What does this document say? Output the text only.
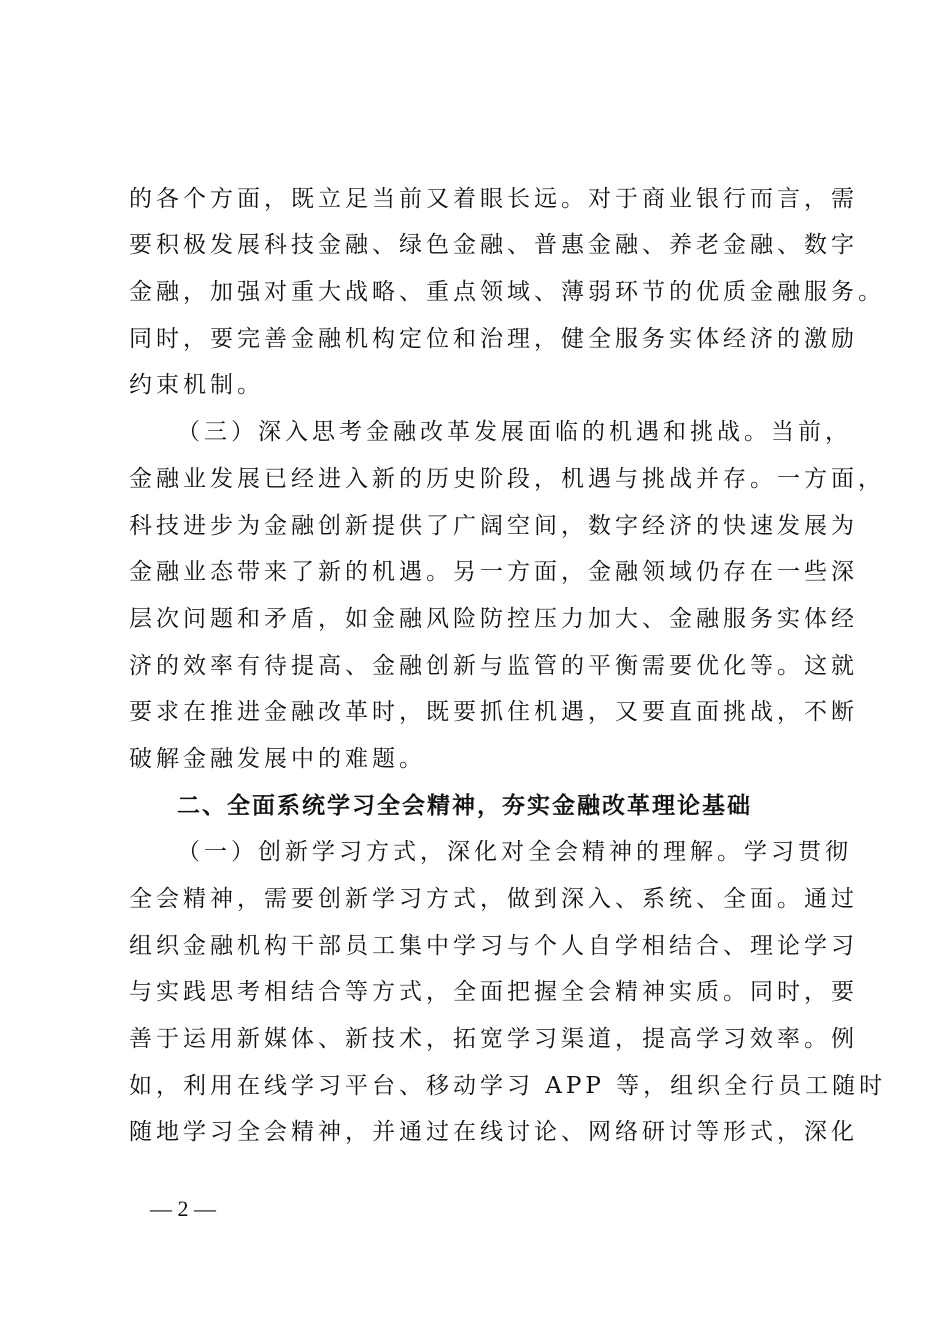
的各个方面，既立足当前又着眼长远。对于商业银行而言，需
要积极发展科技金融、绿色金融、普惠金融、养老金融、数字
金融，加强对重大战略、重点领域、薄弱环节的优质金融服务。
同时，要完善金融机构定位和治理，健全服务实体经济的激励
约束机制。
（三）深入思考金融改革发展面临的机遇和挑战。当前，
金融业发展已经进入新的历史阶段，机遇与挑战并存。一方面，
科技进步为金融创新提供了广阔空间，数字经济的快速发展为
金融业态带来了新的机遇。另一方面，金融领域仍存在一些深
层次问题和矛盾，如金融风险防控压力加大、金融服务实体经
济的效率有待提高、金融创新与监管的平衡需要优化等。这就
要求在推进金融改革时，既要抓住机遇，又要直面挑战，不断
破解金融发展中的难题。
二、全面系统学习全会精神，夯实金融改革理论基础
（一）创新学习方式，深化对全会精神的理解。学习贯彻
全会精神，需要创新学习方式，做到深入、系统、全面。通过
组织金融机构干部员工集中学习与个人自学相结合、理论学习
与实践思考相结合等方式，全面把握全会精神实质。同时，要
善于运用新媒体、新技术，拓宽学习渠道，提高学习效率。例
如，利用在线学习平台、移动学习 APP 等，组织全行员工随时
随地学习全会精神，并通过在线讨论、网络研讨等形式，深化
— 2 —
